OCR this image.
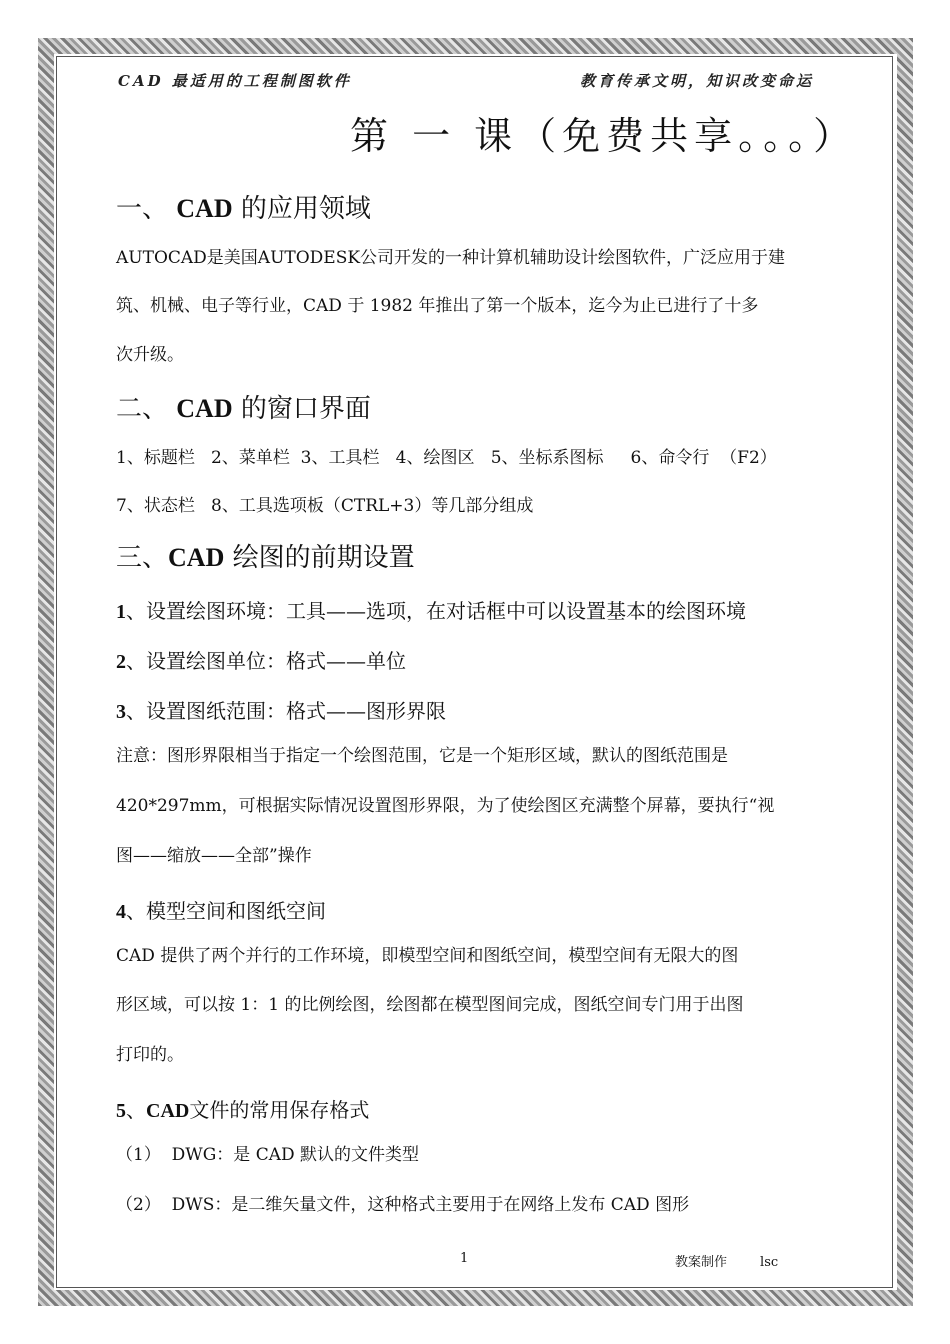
CAD 最适用的工程制图软件	教育传承文明，知识改变命运
第 一 课（免费共享。。。）
一、 CAD 的应用领域
AUTOCAD是美国AUTODESK公司开发的一种计算机辅助设计绘图软件，广泛应用于建
筑、机械、电子等行业，CAD 于 1982 年推出了第一个版本，迄今为止已进行了十多
次升级。
二、 CAD 的窗口界面
1、标题栏   2、菜单栏  3、工具栏   4、绘图区   5、坐标系图标     6、命令行  （F2）
7、状态栏   8、工具选项板（CTRL+3）等几部分组成
三、CAD 绘图的前期设置
1、设置绘图环境：工具——选项，在对话框中可以设置基本的绘图环境
2、设置绘图单位：格式——单位
3、设置图纸范围：格式——图形界限
注意：图形界限相当于指定一个绘图范围，它是一个矩形区域，默认的图纸范围是
420*297mm，可根据实际情况设置图形界限，为了使绘图区充满整个屏幕，要执行“视
图——缩放——全部”操作
4、模型空间和图纸空间
CAD 提供了两个并行的工作环境，即模型空间和图纸空间，模型空间有无限大的图
形区域，可以按 1：1 的比例绘图，绘图都在模型图间完成，图纸空间专门用于出图
打印的。
5、CAD文件的常用保存格式
（1）  DWG：是 CAD 默认的文件类型
（2）  DWS：是二维矢量文件，这种格式主要用于在网络上发布 CAD 图形
1	教案制作        lsc
